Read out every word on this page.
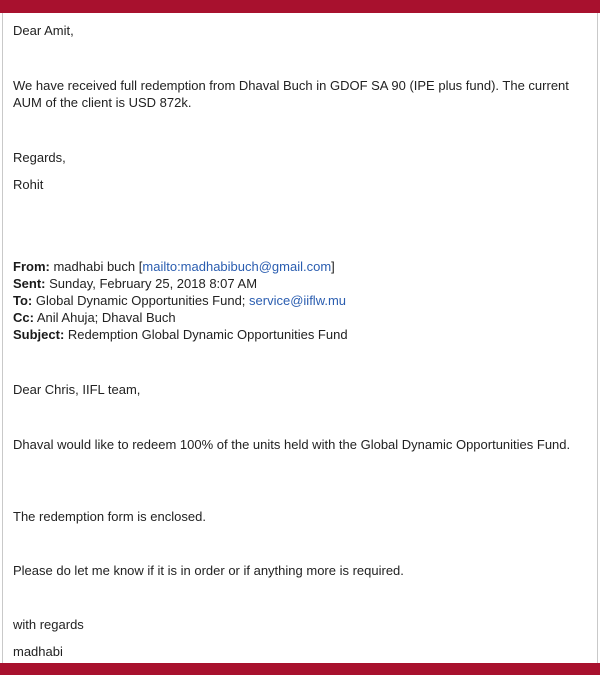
Dear Amit,
We have received full redemption from Dhaval Buch in GDOF SA 90 (IPE plus fund). The current AUM of the client is USD 872k.
Regards,
Rohit
From: madhabi buch [mailto:madhabibuch@gmail.com]
Sent: Sunday, February 25, 2018 8:07 AM
To: Global Dynamic Opportunities Fund; service@iiflw.mu
Cc: Anil Ahuja; Dhaval Buch
Subject: Redemption Global Dynamic Opportunities Fund
Dear Chris, IIFL team,
Dhaval would like to redeem 100% of the units held with the Global Dynamic Opportunities Fund.
The redemption form is enclosed.
Please do let me know if it is in order or if anything more is required.
with regards
madhabi
